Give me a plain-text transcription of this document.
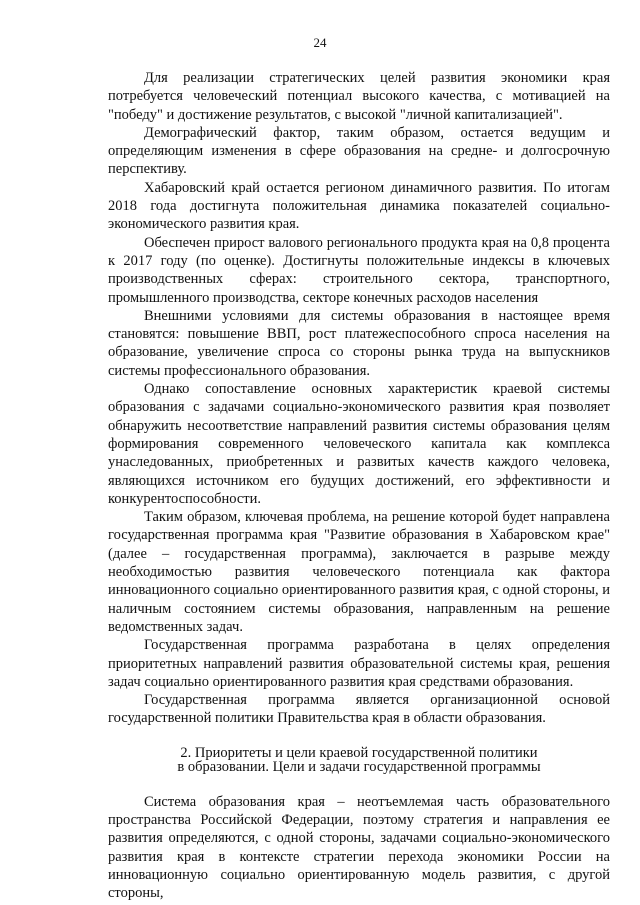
24

Для реализации стратегических целей развития экономики края потребуется человеческий потенциал высокого качества, с мотивацией на "победу" и достижение результатов, с высокой "личной капитализацией".

Демографический фактор, таким образом, остается ведущим и определяющим изменения в сфере образования на средне- и долгосрочную перспективу.

Хабаровский край остается регионом динамичного развития. По итогам 2018 года достигнута положительная динамика показателей социально-экономического развития края.

Обеспечен прирост валового регионального продукта края на 0,8 процента к 2017 году (по оценке). Достигнуты положительные индексы в ключевых производственных сферах: строительного сектора, транспортного, промышленного производства, секторе конечных расходов населения

Внешними условиями для системы образования в настоящее время становятся: повышение ВВП, рост платежеспособного спроса населения на образование, увеличение спроса со стороны рынка труда на выпускников системы профессионального образования.

Однако сопоставление основных характеристик краевой системы образования с задачами социально-экономического развития края позволяет обнаружить несоответствие направлений развития системы образования целям формирования современного человеческого капитала как комплекса унаследованных, приобретенных и развитых качеств каждого человека, являющихся источником его будущих достижений, его эффективности и конкурентоспособности.

Таким образом, ключевая проблема, на решение которой будет направлена государственная программа края "Развитие образования в Хабаровском крае" (далее – государственная программа), заключается в разрыве между необходимостью развития человеческого потенциала как фактора инновационного социально ориентированного развития края, с одной стороны, и наличным состоянием системы образования, направленным на решение ведомственных задач.

Государственная программа разработана в целях определения приоритетных направлений развития образовательной системы края, решения задач социально ориентированного развития края средствами образования.

Государственная программа является организационной основой государственной политики Правительства края в области образования.

2. Приоритеты и цели краевой государственной политики
в образовании. Цели и задачи государственной программы

Система образования края – неотъемлемая часть образовательного пространства Российской Федерации, поэтому стратегия и направления ее развития определяются, с одной стороны, задачами социально-экономического развития края в контексте стратегии перехода экономики России на инновационную социально ориентированную модель развития, с другой стороны,
